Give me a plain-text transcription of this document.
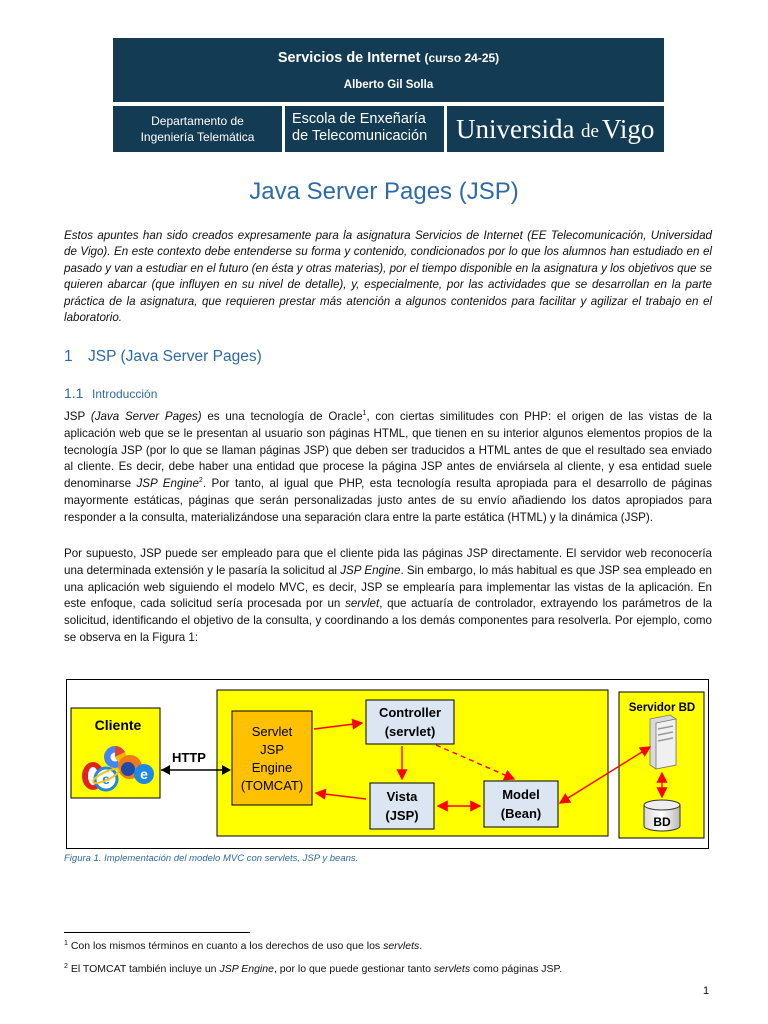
Servicios de Internet (curso 24-25)
Alberto Gil Solla
Departamento de
Ingeniería Telemática
Escola de Enxeñaría
de Telecomunicación Universida de Vigo
Java Server Pages (JSP)

Estos apuntes han sido creados expresamente para la asignatura Servicios de Internet (EE Telecomunicación, Universidad de Vigo). En este contexto debe entenderse su forma y contenido, condicionados por lo que los alumnos han estudiado en el pasado y van a estudiar en el futuro (en ésta y otras materias), por el tiempo disponible en la asignatura y los objetivos que se quieren abarcar (que influyen en su nivel de detalle), y, especialmente, por las actividades que se desarrollan en la parte práctica de la asignatura, que requieren prestar más atención a algunos contenidos para facilitar y agilizar el trabajo en el laboratorio.

1 JSP (Java Server Pages)
1.1 Introducción

JSP (Java Server Pages) es una tecnología de Oracle$^1$, con ciertas similitudes con PHP: el origen de las vistas de la aplicación web que se le presentan al usuario son páginas HTML, que tienen en su interior algunos elementos propios de la tecnología JSP (por lo que se llaman páginas JSP) que deben ser traducidos a HTML antes de que el resultado sea enviado al cliente. Es decir, debe haber una entidad que procese la página JSP antes de enviársela al cliente, y esa entidad suele denominarse JSP Engine$^2$. Por tanto, al igual que PHP, esta tecnología resulta apropiada para el desarrollo de páginas mayormente estáticas, páginas que serán personalizadas justo antes de su envío añadiendo los datos apropiados para responder a la consulta, materializándose una separación clara entre la parte estática (HTML) y la dinámica (JSP).

Por supuesto, JSP puede ser empleado para que el cliente pida las páginas JSP directamente. El servidor web reconocería una determinada extensión y le pasaría la solicitud al JSP Engine. Sin embargo, lo más habitual es que JSP sea empleado en una aplicación web siguiendo el modelo MVC, es decir, JSP se emplearía para implementar las vistas de la aplicación. En este enfoque, cada solicitud sería procesada por un servlet, que actuaría de controlador, extrayendo los parámetros de la solicitud, identificando el objetivo de la consulta, y coordinando a los demás componentes para resolverla. Por ejemplo, como se observa en la Figura 1:

Cliente
e e
HTTP
Servlet
JSP
Engine
(TOMCAT)
Controller
(servlet)
Vista
(JSP)
Model
(Bean)
Servidor BD
BD
Figura 1. Implementación del modelo MVC con servlets, JSP y beans.
$^1$ Con los mismos términos en cuanto a los derechos de uso que los servlets.
$^2$ El TOMCAT también incluye un JSP Engine, por lo que puede gestionar tanto servlets como páginas JSP.
1
